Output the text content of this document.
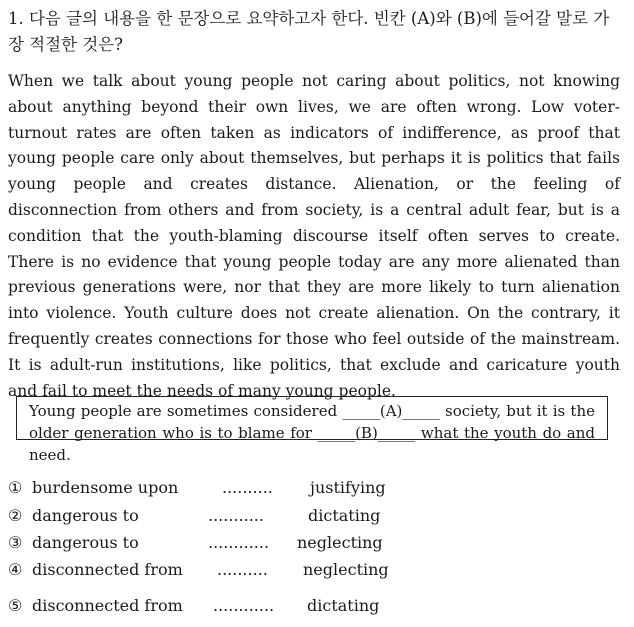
1. 다음 글의 내용을 한 문장으로 요약하고자 한다. 빈칸 (A)와 (B)에 들어갈 말로 가장 적절한 것은?

When we talk about young people not caring about politics, not knowing about anything beyond their own lives, we are often wrong. Low voter-turnout rates are often taken as indicators of indifference, as proof that young people care only about themselves, but perhaps it is politics that fails young people and creates distance. Alienation, or the feeling of disconnection from others and from society, is a central adult fear, but is a condition that the youth-blaming discourse itself often serves to create. There is no evidence that young people today are any more alienated than previous generations were, nor that they are more likely to turn alienation into violence. Youth culture does not create alienation. On the contrary, it frequently creates connections for those who feel outside of the mainstream. It is adult-run institutions, like politics, that exclude and caricature youth and fail to meet the needs of many young people.

Young people are sometimes considered _____(A)_____ society, but it is the older generation who is to blame for _____(B)_____ what the youth do and need.
① burdensome upon	.......... justifying
② dangerous to	...........	dictating
③ dangerous to	............ neglecting
④ disconnected from .......... neglecting
⑤ disconnected from ............ dictating
